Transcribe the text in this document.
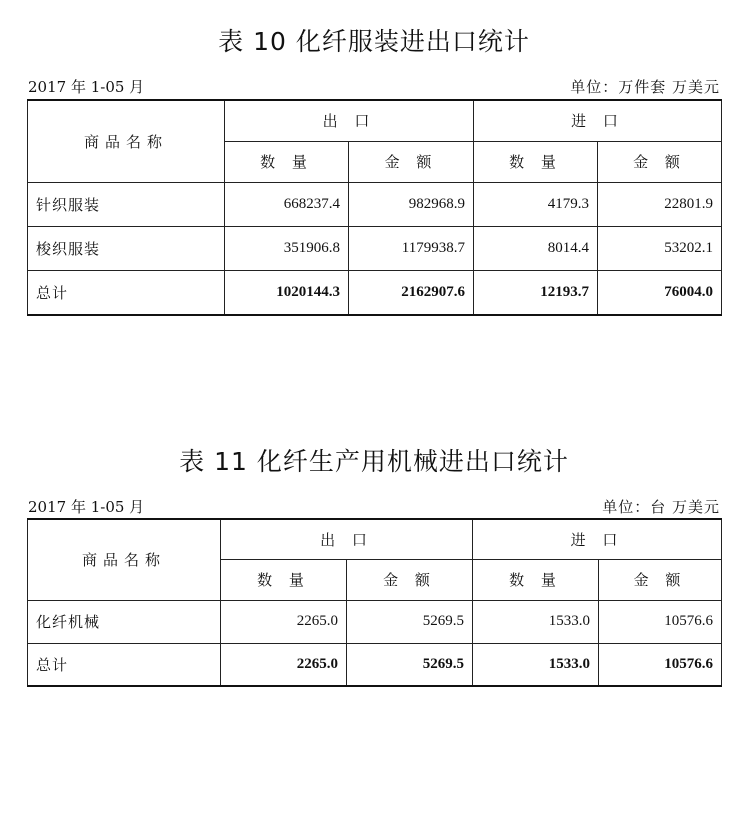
表 10 化纤服装进出口统计
2017 年 1-05 月	单位：万件套 万美元
商品名称	出 口		进 口	
	数 量	金 额	数 量	金 额
针织服装	668237.4	982968.9	4179.3	22801.9
梭织服装	351906.8	1179938.7	8014.4	53202.1
总计	1020144.3	2162907.6	12193.7	76004.0
表 11 化纤生产用机械进出口统计
2017 年 1-05 月	单位：台 万美元
商品名称	出 口		进 口	
	数 量	金 额	数 量	金 额
化纤机械	2265.0	5269.5	1533.0	10576.6
总计	2265.0	5269.5	1533.0	10576.6
